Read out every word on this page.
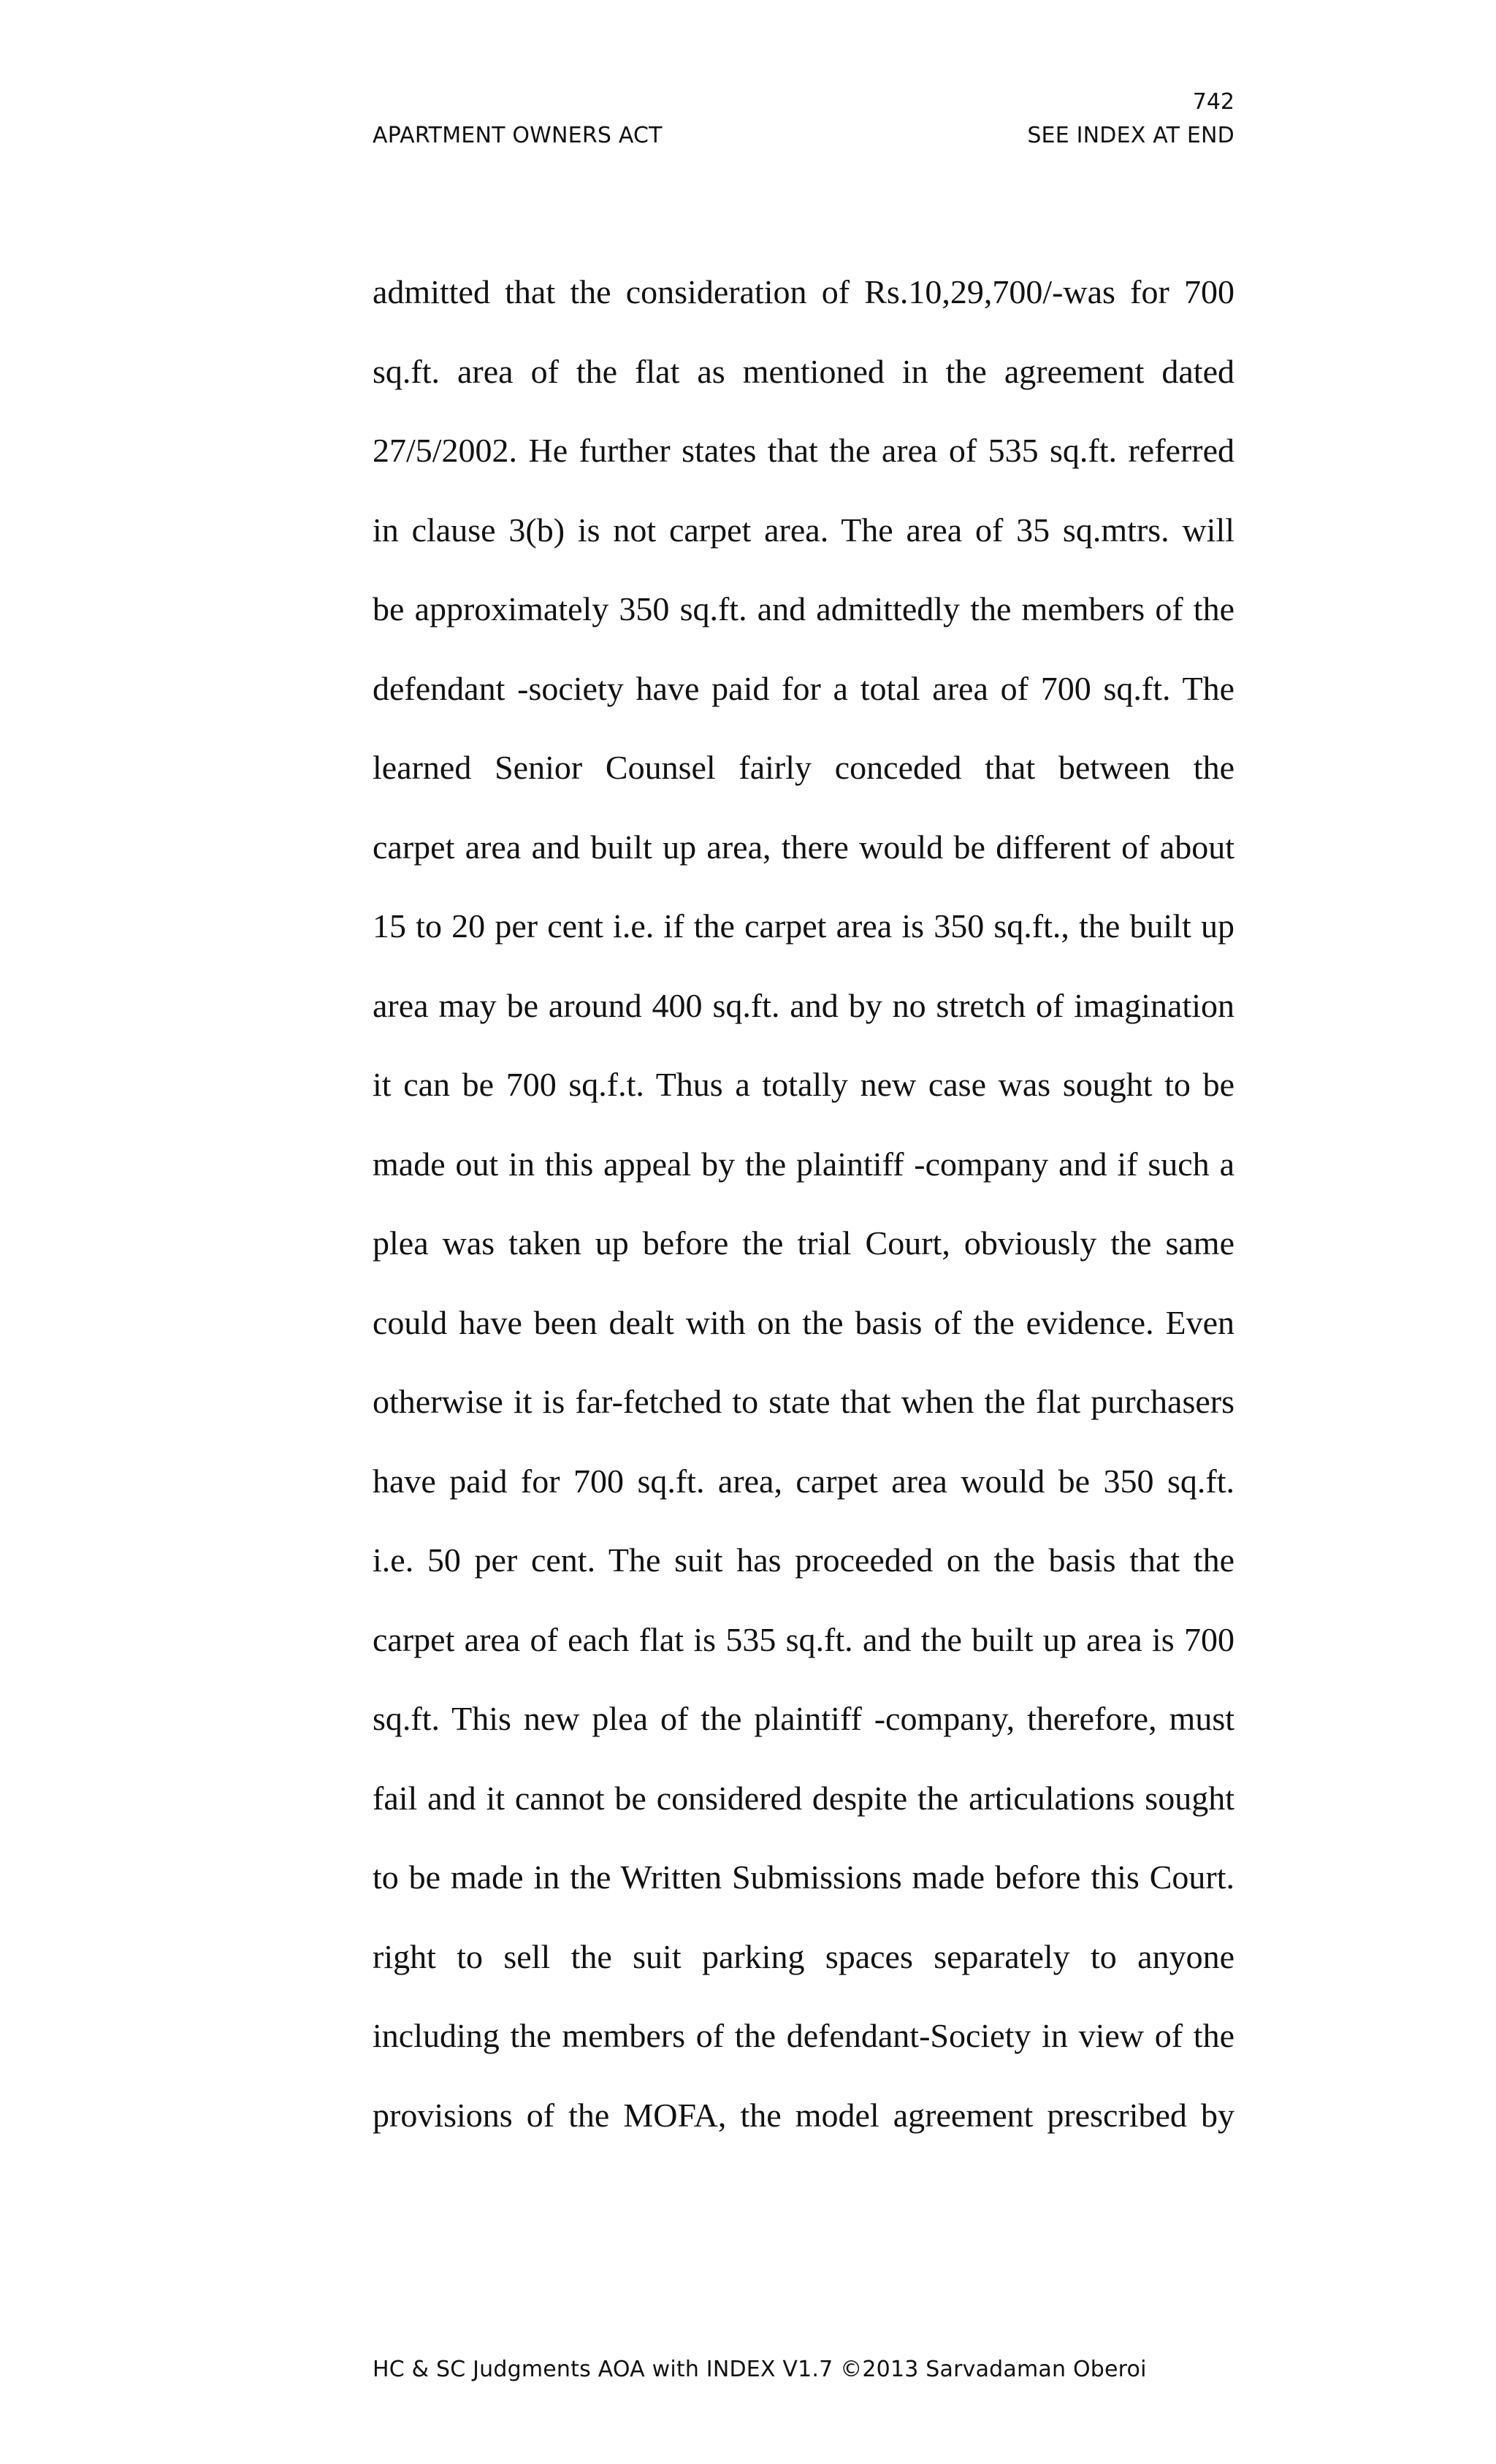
742
APARTMENT OWNERS ACT	SEE INDEX AT END
admitted that the consideration of Rs.10,29,700/-was for 700
sq.ft. area of the flat as mentioned in the agreement dated
27/5/2002. He further states that the area of 535 sq.ft. referred
in clause 3(b) is not carpet area. The area of 35 sq.mtrs. will
be approximately 350 sq.ft. and admittedly the members of the
defendant -society have paid for a total area of 700 sq.ft. The
learned Senior Counsel fairly conceded that between the
carpet area and built up area, there would be different of about
15 to 20 per cent i.e. if the carpet area is 350 sq.ft., the built up
area may be around 400 sq.ft. and by no stretch of imagination
it can be 700 sq.f.t. Thus a totally new case was sought to be
made out in this appeal by the plaintiff -company and if such a
plea was taken up before the trial Court, obviously the same
could have been dealt with on the basis of the evidence. Even
otherwise it is far-fetched to state that when the flat purchasers
have paid for 700 sq.ft. area, carpet area would be 350 sq.ft.
i.e. 50 per cent. The suit has proceeded on the basis that the
carpet area of each flat is 535 sq.ft. and the built up area is 700
sq.ft. This new plea of the plaintiff -company, therefore, must
fail and it cannot be considered despite the articulations sought
to be made in the Written Submissions made before this Court.
right to sell the suit parking spaces separately to anyone
including the members of the defendant-Society in view of the
provisions of the MOFA, the model agreement prescribed by
HC & SC Judgments AOA with INDEX V1.7 ©2013 Sarvadaman Oberoi
